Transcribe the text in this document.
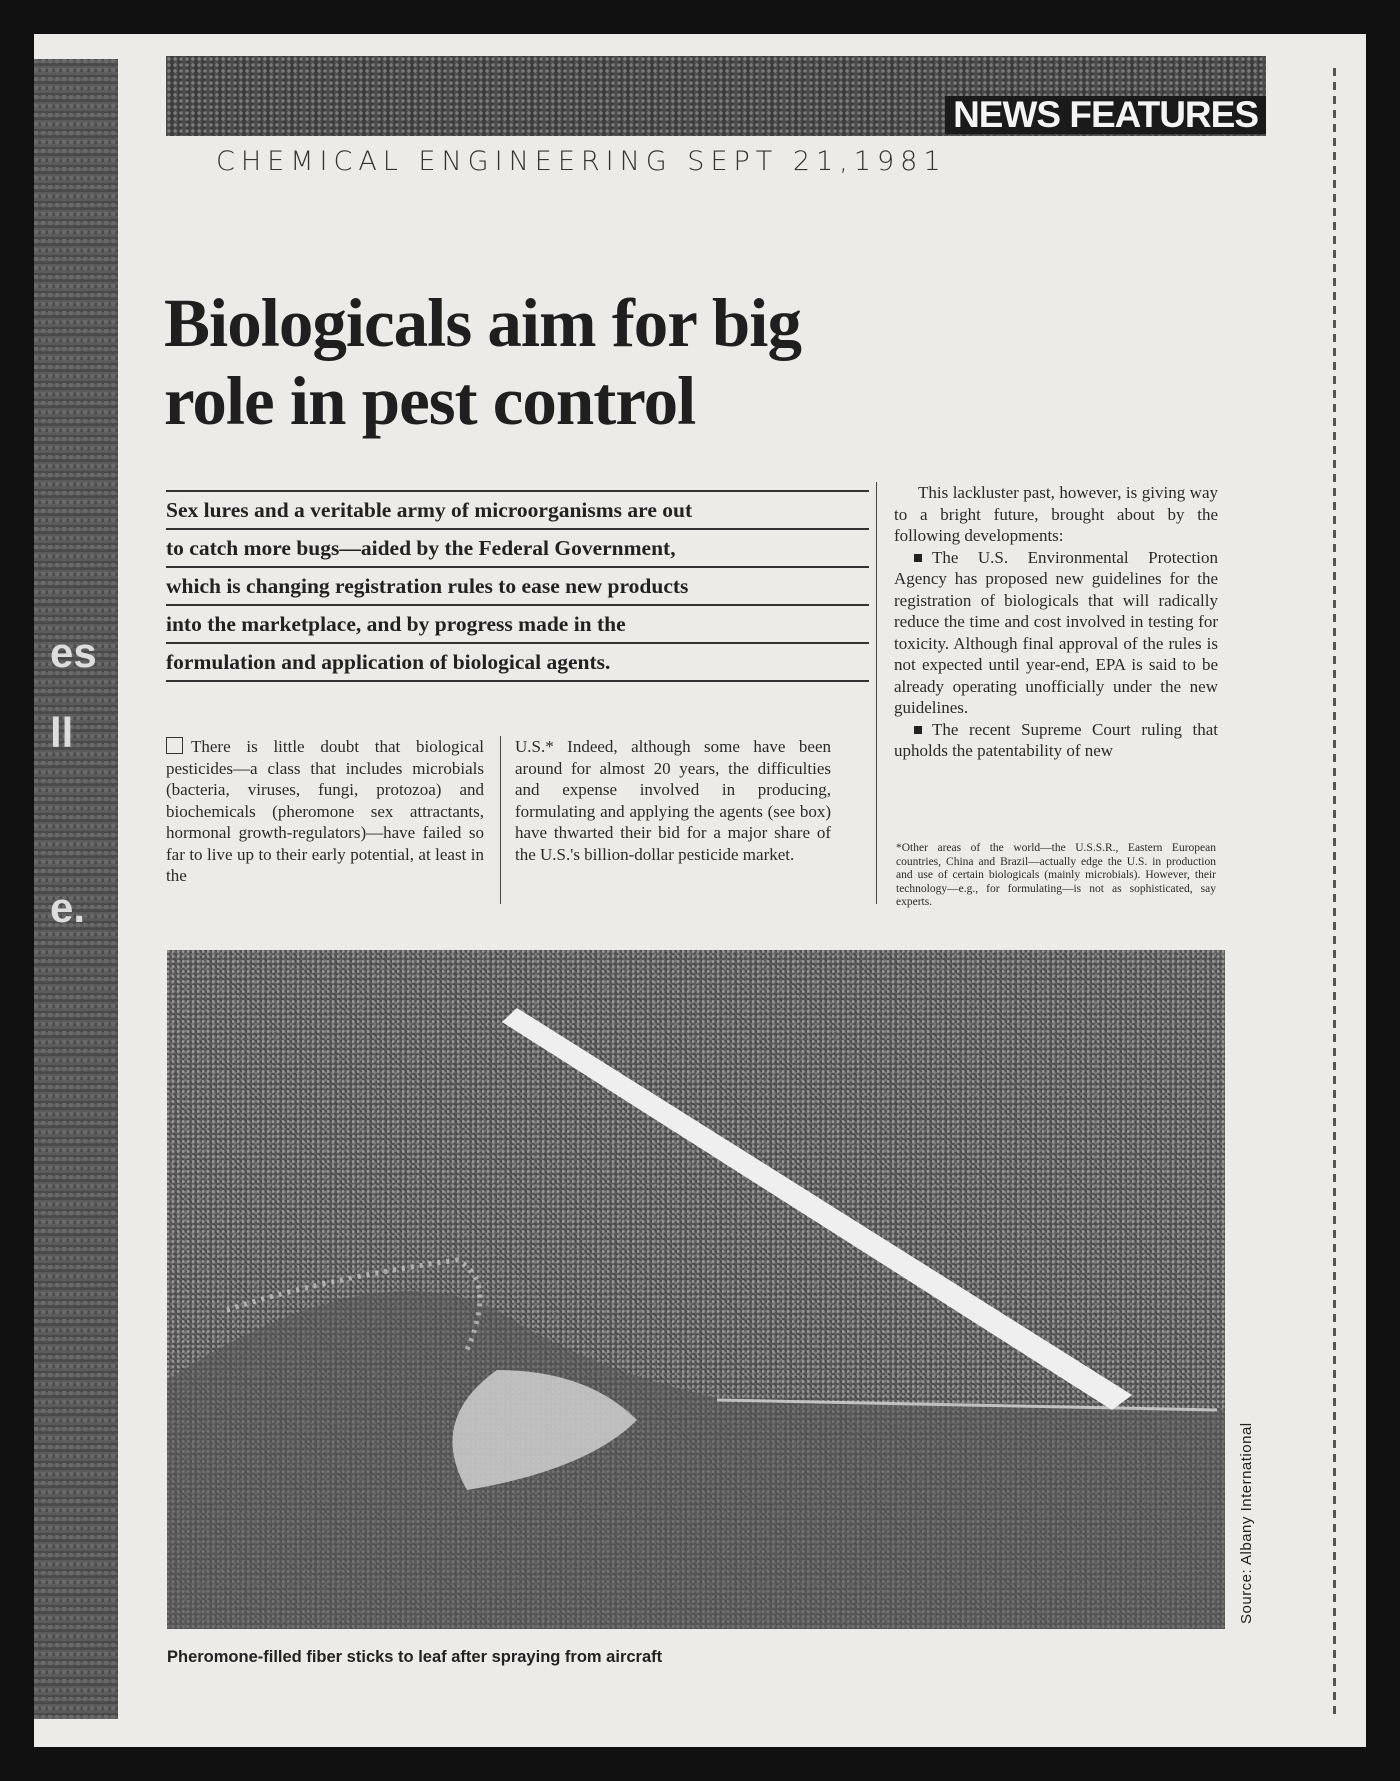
es
ll
e.
NEWS FEATURES
CHEMICAL ENGINEERING SEPT 21,1981
Biologicals aim for big
role in pest control
Sex lures and a veritable army of microorganisms are out
to catch more bugs—aided by the Federal Government,
which is changing registration rules to ease new products
into the marketplace, and by progress made in the
formulation and application of biological agents.

There is little doubt that biological pesticides—a class that includes microbials (bacteria, viruses, fungi, protozoa) and biochemicals (pheromone sex attractants, hormonal growth-regulators)—have failed so far to live up to their early potential, at least in the

U.S.* Indeed, although some have been around for almost 20 years, the difficulties and expense involved in producing, formulating and applying the agents (see box) have thwarted their bid for a major share of the U.S.'s billion-dollar pesticide market.

This lackluster past, however, is giving way to a bright future, brought about by the following developments:

The U.S. Environmental Protection Agency has proposed new guidelines for the registration of biologicals that will radically reduce the time and cost involved in testing for toxicity. Although final approval of the rules is not expected until year-end, EPA is said to be already operating unofficially under the new guidelines.

The recent Supreme Court ruling that upholds the patentability of new

*Other areas of the world—the U.S.S.R., Eastern European countries, China and Brazil—actually edge the U.S. in production and use of certain biologicals (mainly microbials). However, their technology—e.g., for formulating—is not as sophisticated, say experts.
Source: Albany International
Pheromone-filled fiber sticks to leaf after spraying from aircraft
